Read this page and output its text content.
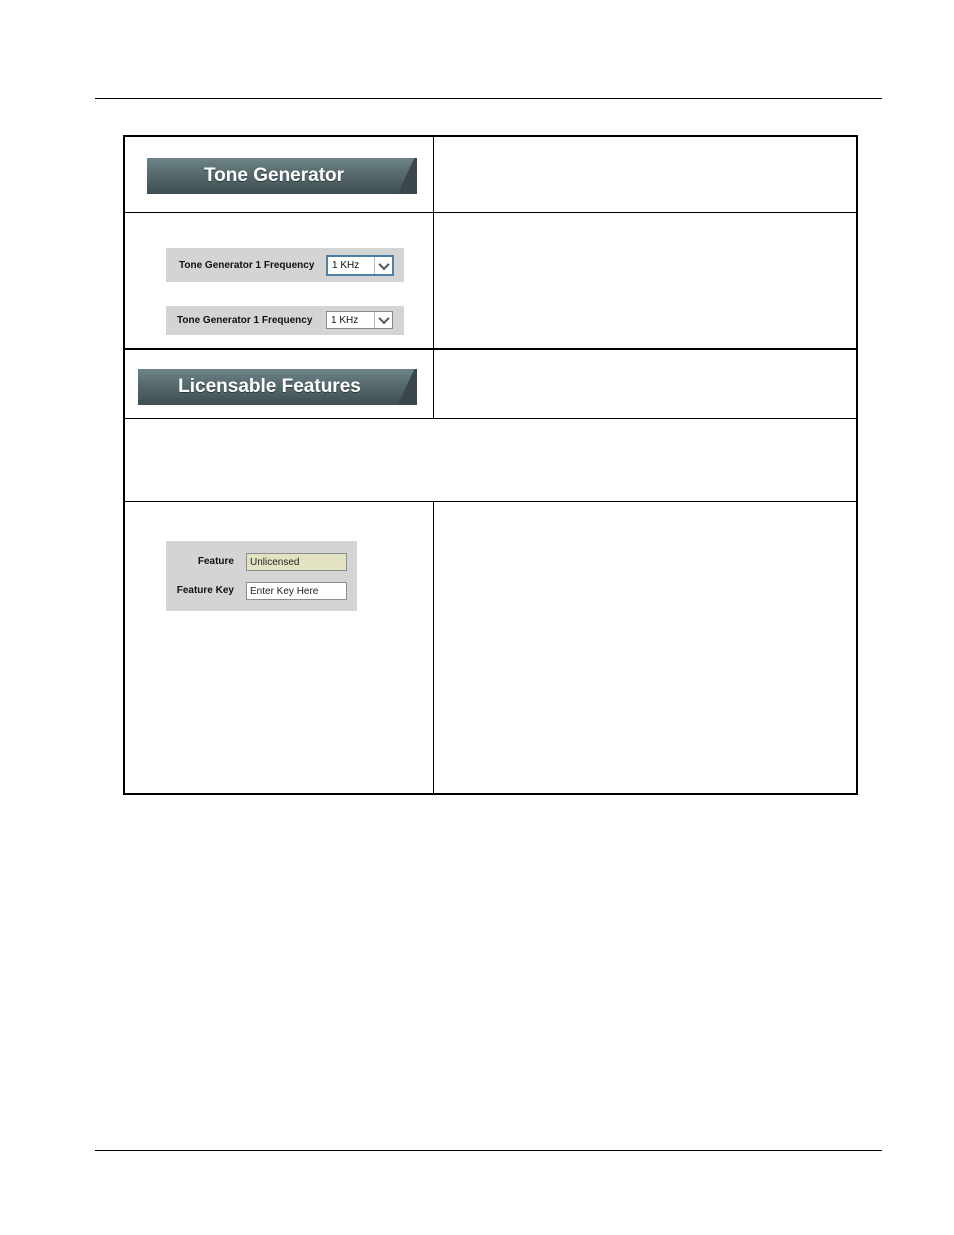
Tone Generator
Tone Generator 1 Frequency	1 KHz
Tone Generator 1 Frequency	1 KHz
Licensable Features
Feature Unlicensed
Feature Key Enter Key Here
